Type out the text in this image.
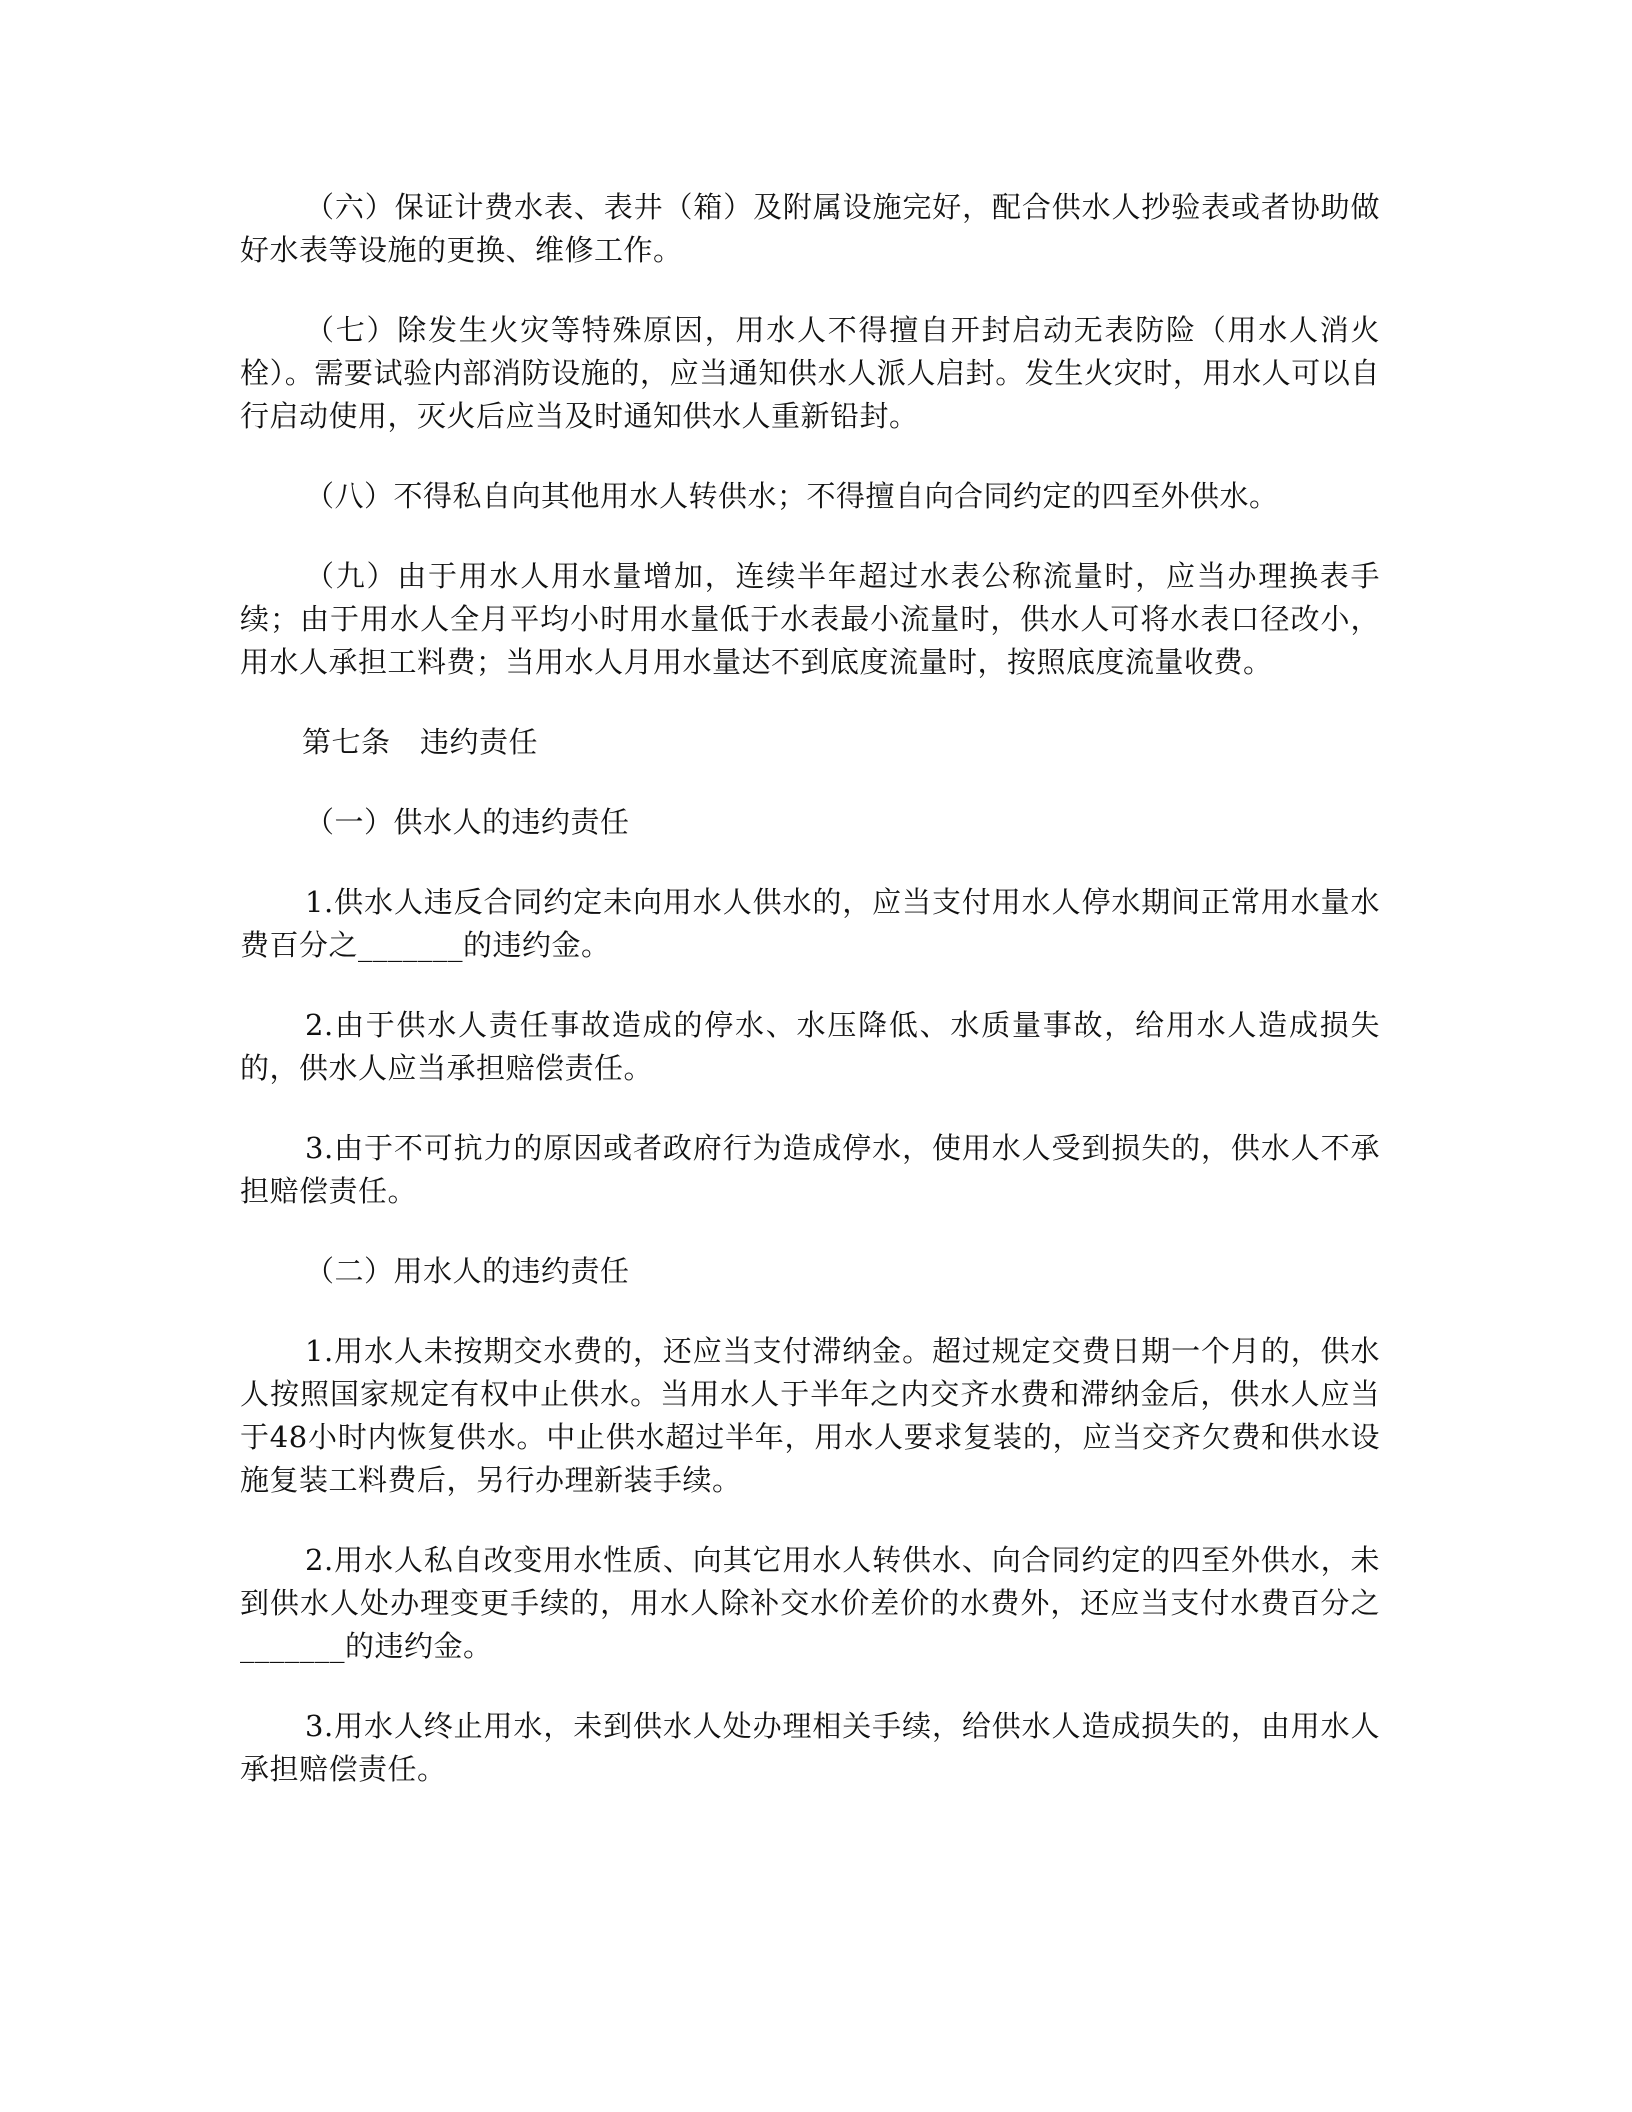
（六）保证计费水表、表井（箱）及附属设施完好，配合供水人抄验表或者协助做好水表等设施的更换、维修工作。

（七）除发生火灾等特殊原因，用水人不得擅自开封启动无表防险（用水人消火栓）。需要试验内部消防设施的，应当通知供水人派人启封。发生火灾时，用水人可以自行启动使用，灭火后应当及时通知供水人重新铅封。

（八）不得私自向其他用水人转供水；不得擅自向合同约定的四至外供水。

（九）由于用水人用水量增加，连续半年超过水表公称流量时，应当办理换表手续；由于用水人全月平均小时用水量低于水表最小流量时，供水人可将水表口径改小，用水人承担工料费；当用水人月用水量达不到底度流量时，按照底度流量收费。

第七条　违约责任

（一）供水人的违约责任

1.供水人违反合同约定未向用水人供水的，应当支付用水人停水期间正常用水量水费百分之_______的违约金。

2.由于供水人责任事故造成的停水、水压降低、水质量事故，给用水人造成损失的，供水人应当承担赔偿责任。

3.由于不可抗力的原因或者政府行为造成停水，使用水人受到损失的，供水人不承担赔偿责任。

（二）用水人的违约责任

1.用水人未按期交水费的，还应当支付滞纳金。超过规定交费日期一个月的，供水人按照国家规定有权中止供水。当用水人于半年之内交齐水费和滞纳金后，供水人应当于48小时内恢复供水。中止供水超过半年，用水人要求复装的，应当交齐欠费和供水设施复装工料费后，另行办理新装手续。

2.用水人私自改变用水性质、向其它用水人转供水、向合同约定的四至外供水，未到供水人处办理变更手续的，用水人除补交水价差价的水费外，还应当支付水费百分之_______的违约金。

3.用水人终止用水，未到供水人处办理相关手续，给供水人造成损失的，由用水人承担赔偿责任。
